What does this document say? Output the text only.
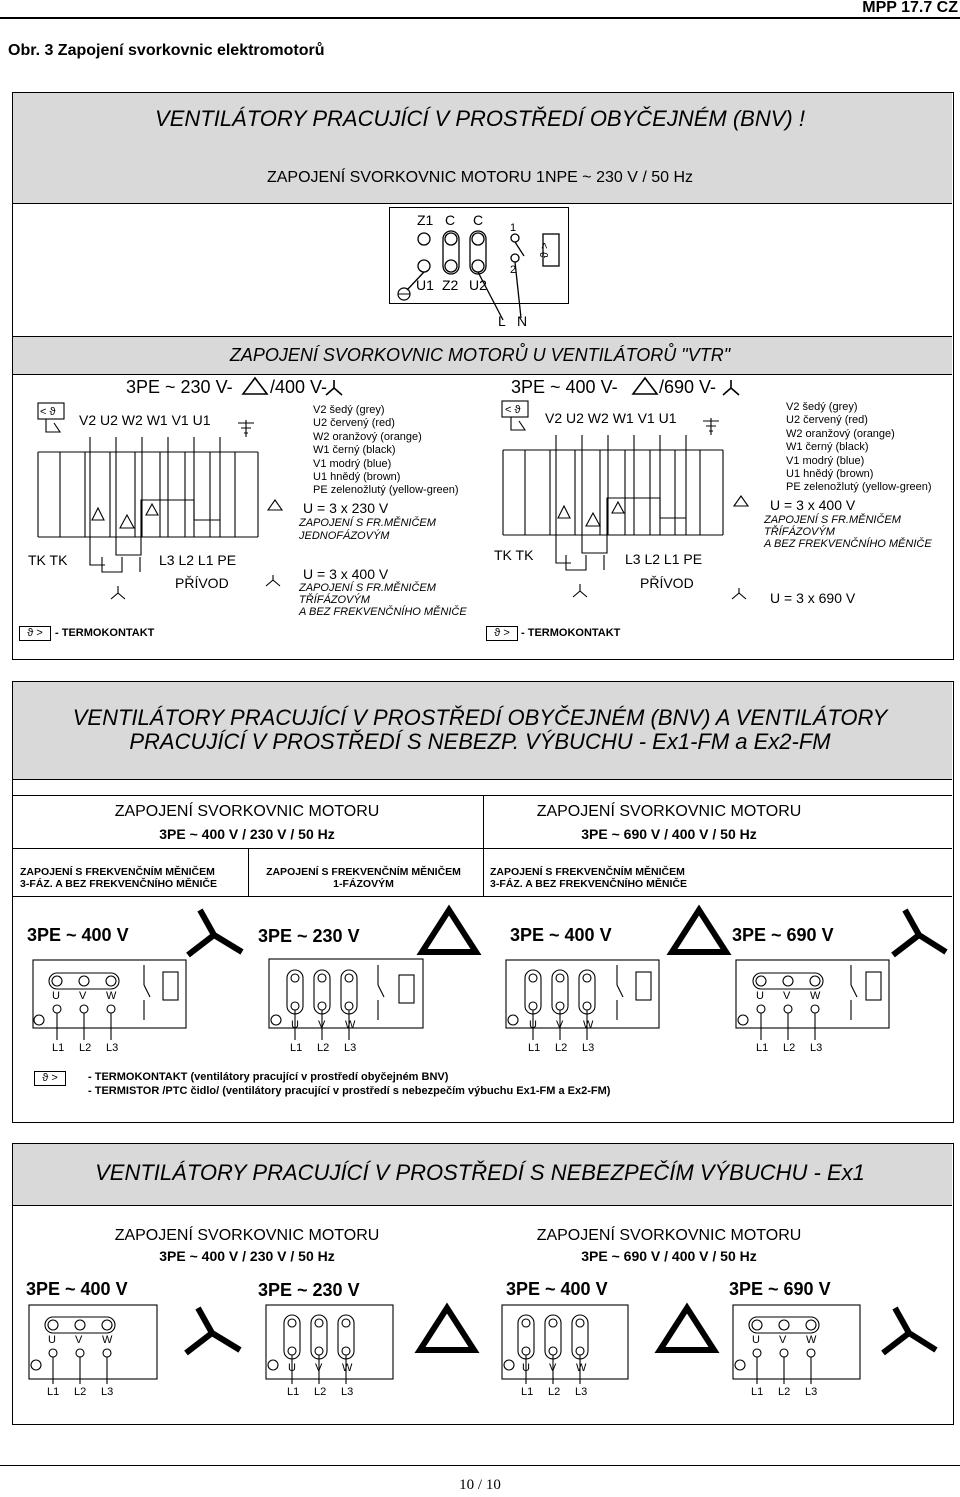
MPP 17.7 CZ
Obr. 3 Zapojení svorkovnic elektromotorů
VENTILÁTORY PRACUJÍCÍ V PROSTŘEDÍ OBYČEJNÉM (BNV) !
ZAPOJENÍ SVORKOVNIC MOTORU 1NPE ~ 230 V / 50 Hz
Z1 C C
U1 Z2 U2
1
2
L N
ϑ >
ZAPOJENÍ SVORKOVNIC MOTORŮ U VENTILÁTORŮ "VTR"
3PE ~ 230 V- /400 V-	3PE ~ 400 V- /690 V-
< ϑ V2 U2 W2 W1 V1 U1
TK TK	L3 L2 L1 PE
PŘÍVOD
V2 šedý (grey)
U2 červený (red)
W2 oranžový (orange)
W1 černý (black)
V1 modrý (blue)
U1 hnědý (brown)
PE zelenožlutý (yellow-green)
U = 3 x 230 V
ZAPOJENÍ S FR.MĚNIČEM
JEDNOFÁZOVÝM
U = 3 x 400 V
ZAPOJENÍ S FR.MĚNIČEM
TŘÍFÁZOVÝM
A BEZ FREKVENČNÍHO MĚNIČE
ϑ >	- TERMOKONTAKT
< ϑ V2 U2 W2 W1 V1 U1
TK TK	L3 L2 L1 PE
PŘÍVOD
V2 šedý (grey)
U2 červený (red)
W2 oranžový (orange)
W1 černý (black)
V1 modrý (blue)
U1 hnědý (brown)
PE zelenožlutý (yellow-green)
U = 3 x 400 V
ZAPOJENÍ S FR.MĚNIČEM
TŘÍFÁZOVÝM
A BEZ FREKVENČNÍHO MĚNIČE
U = 3 x 690 V
ϑ >	- TERMOKONTAKT
VENTILÁTORY PRACUJÍCÍ V PROSTŘEDÍ OBYČEJNÉM (BNV) A VENTILÁTORY
PRACUJÍCÍ V PROSTŘEDÍ S NEBEZP. VÝBUCHU - Ex1-FM a Ex2-FM
ZAPOJENÍ SVORKOVNIC MOTORU
3PE ~ 400 V / 230 V / 50 Hz
ZAPOJENÍ SVORKOVNIC MOTORU
3PE ~ 690 V / 400 V / 50 Hz
ZAPOJENÍ S FREKVENČNÍM MĚNIČEM
3-FÁZ. A BEZ FREKVENČNÍHO MĚNIČE
ZAPOJENÍ S FREKVENČNÍM MĚNIČEM
1-FÁZOVÝM
ZAPOJENÍ S FREKVENČNÍM MĚNIČEM
3-FÁZ. A BEZ FREKVENČNÍHO MĚNIČE
3PE ~ 400 V	3PE ~ 230 V	3PE ~ 400 V	3PE ~ 690 V
U V W
L1 L2 L3
U V W
L1 L2 L3
U V W
L1 L2 L3
U V W
L1 L2 L3
ϑ >	- TERMOKONTAKT (ventilátory pracující v prostředí obyčejném BNV)
- TERMISTOR /PTC čidlo/ (ventilátory pracující v prostředí s nebezpečím výbuchu Ex1-FM a Ex2-FM)
VENTILÁTORY PRACUJÍCÍ V PROSTŘEDÍ S NEBEZPEČÍM VÝBUCHU - Ex1
ZAPOJENÍ SVORKOVNIC MOTORU
3PE ~ 400 V / 230 V / 50 Hz
ZAPOJENÍ SVORKOVNIC MOTORU
3PE ~ 690 V / 400 V / 50 Hz
3PE ~ 400 V	3PE ~ 230 V	3PE ~ 400 V	3PE ~ 690 V
U V W
L1 L2 L3
U V W
L1 L2 L3
U V W
L1 L2 L3
U V W
L1 L2 L3
10 / 10
